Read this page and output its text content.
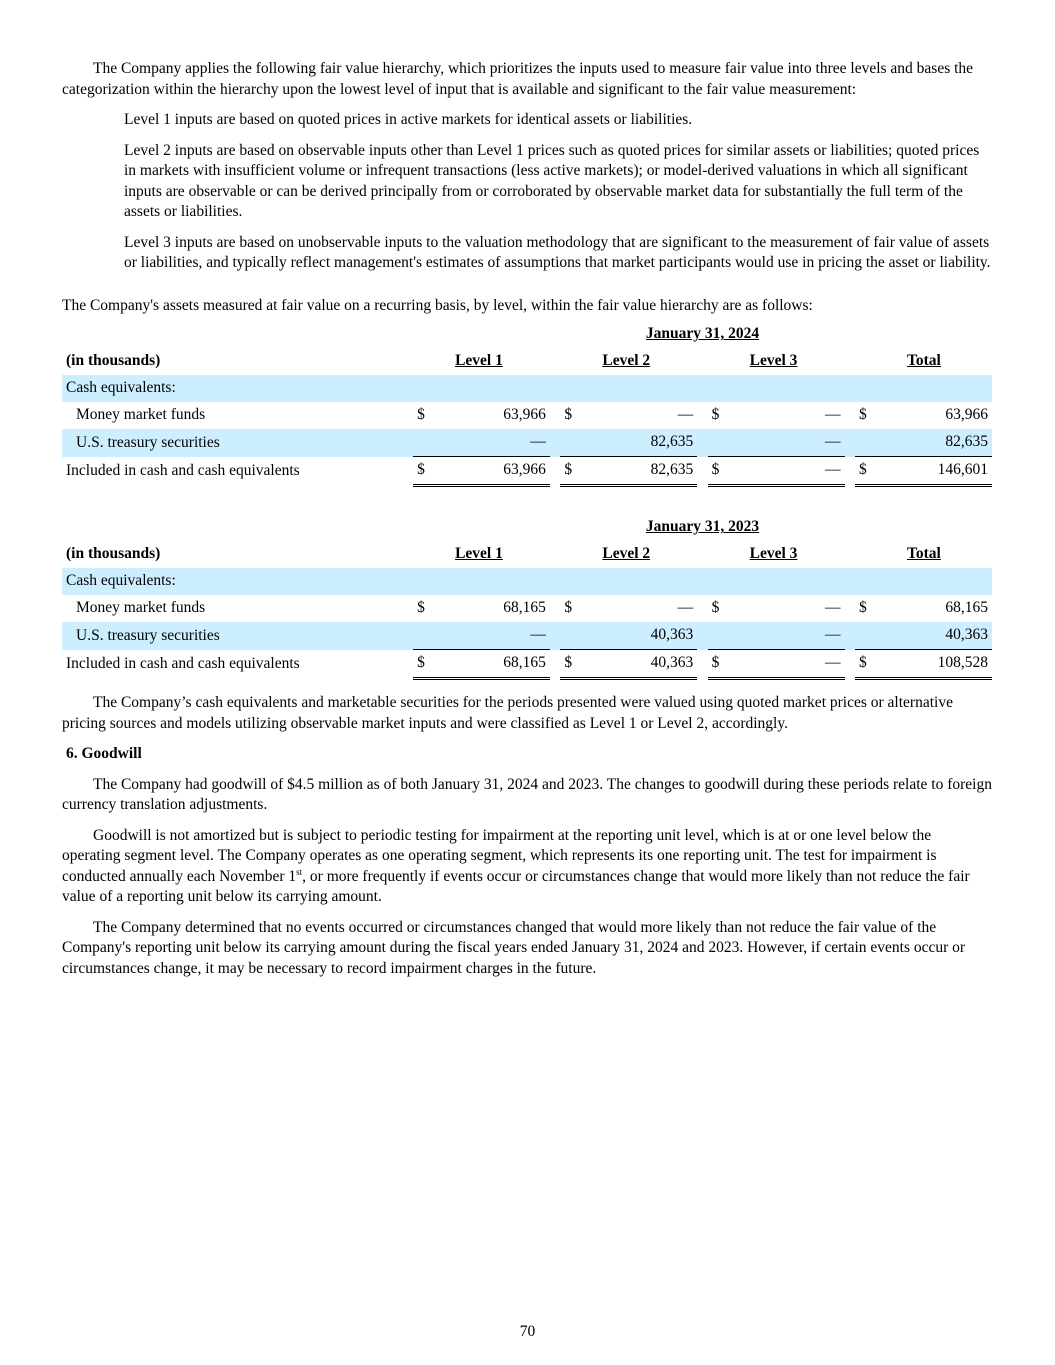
The Company applies the following fair value hierarchy, which prioritizes the inputs used to measure fair value into three levels and bases the categorization within the hierarchy upon the lowest level of input that is available and significant to the fair value measurement:

Level 1 inputs are based on quoted prices in active markets for identical assets or liabilities.

Level 2 inputs are based on observable inputs other than Level 1 prices such as quoted prices for similar assets or liabilities; quoted prices in markets with insufficient volume or infrequent transactions (less active markets); or model-derived valuations in which all significant inputs are observable or can be derived principally from or corroborated by observable market data for substantially the full term of the assets or liabilities.

Level 3 inputs are based on unobservable inputs to the valuation methodology that are significant to the measurement of fair value of assets or liabilities, and typically reflect management's estimates of assumptions that market participants would use in pricing the asset or liability.

The Company's assets measured at fair value on a recurring basis, by level, within the fair value hierarchy are as follows:

	January 31, 2024										
(in thousands)	Level 1			Level 2			Level 3			Total	
Cash equivalents:											
Money market funds	$	63,966		$	—		$	—		$	63,966
U.S. treasury securities		—			82,635			—			82,635
Included in cash and cash equivalents	$	63,966		$	82,635		$	—		$	146,601
	January 31, 2023										
(in thousands)	Level 1			Level 2			Level 3			Total	
Cash equivalents:											
Money market funds	$	68,165		$	—		$	—		$	68,165
U.S. treasury securities		—			40,363			—			40,363
Included in cash and cash equivalents	$	68,165		$	40,363		$	—		$	108,528

The Company’s cash equivalents and marketable securities for the periods presented were valued using quoted market prices or alternative pricing sources and models utilizing observable market inputs and were classified as Level 1 or Level 2, accordingly.

6. Goodwill

The Company had goodwill of $4.5 million as of both January 31, 2024 and 2023. The changes to goodwill during these periods relate to foreign currency translation adjustments.

Goodwill is not amortized but is subject to periodic testing for impairment at the reporting unit level, which is at or one level below the operating segment level. The Company operates as one operating segment, which represents its one reporting unit. The test for impairment is conducted annually each November 1st, or more frequently if events occur or circumstances change that would more likely than not reduce the fair value of a reporting unit below its carrying amount.

The Company determined that no events occurred or circumstances changed that would more likely than not reduce the fair value of the Company's reporting unit below its carrying amount during the fiscal years ended January 31, 2024 and 2023. However, if certain events occur or circumstances change, it may be necessary to record impairment charges in the future.

70
